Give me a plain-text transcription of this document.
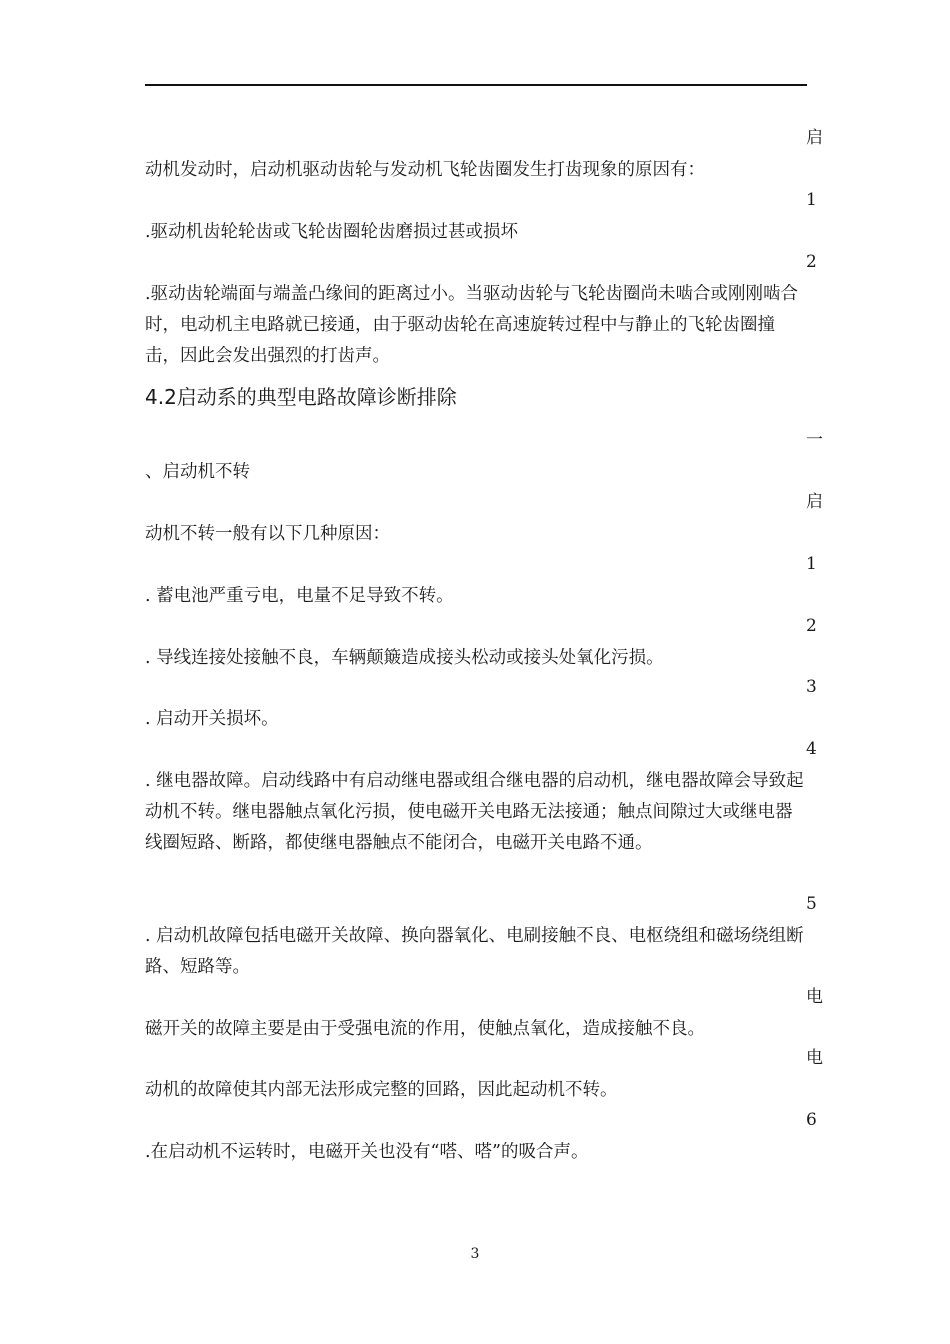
启
1
2
一
启
1
2
3
4
5
电
电
6
动机发动时，启动机驱动齿轮与发动机飞轮齿圈发生打齿现象的原因有：
.驱动机齿轮轮齿或飞轮齿圈轮齿磨损过甚或损坏
.驱动齿轮端面与端盖凸缘间的距离过小。当驱动齿轮与飞轮齿圈尚未啮合或刚刚啮合时，电动机主电路就已接通，由于驱动齿轮在高速旋转过程中与静止的飞轮齿圈撞击，因此会发出强烈的打齿声。
4.2启动系的典型电路故障诊断排除
、启动机不转
动机不转一般有以下几种原因：
. 蓄电池严重亏电，电量不足导致不转。
. 导线连接处接触不良，车辆颠簸造成接头松动或接头处氧化污损。
. 启动开关损坏。
. 继电器故障。启动线路中有启动继电器或组合继电器的启动机，继电器故障会导致起动机不转。继电器触点氧化污损，使电磁开关电路无法接通；触点间隙过大或继电器线圈短路、断路，都使继电器触点不能闭合，电磁开关电路不通。
. 启动机故障包括电磁开关故障、换向器氧化、电刷接触不良、电枢绕组和磁场绕组断路、短路等。
磁开关的故障主要是由于受强电流的作用，使触点氧化，造成接触不良。
动机的故障使其内部无法形成完整的回路，因此起动机不转。
.在启动机不运转时，电磁开关也没有“嗒、嗒”的吸合声。
3
